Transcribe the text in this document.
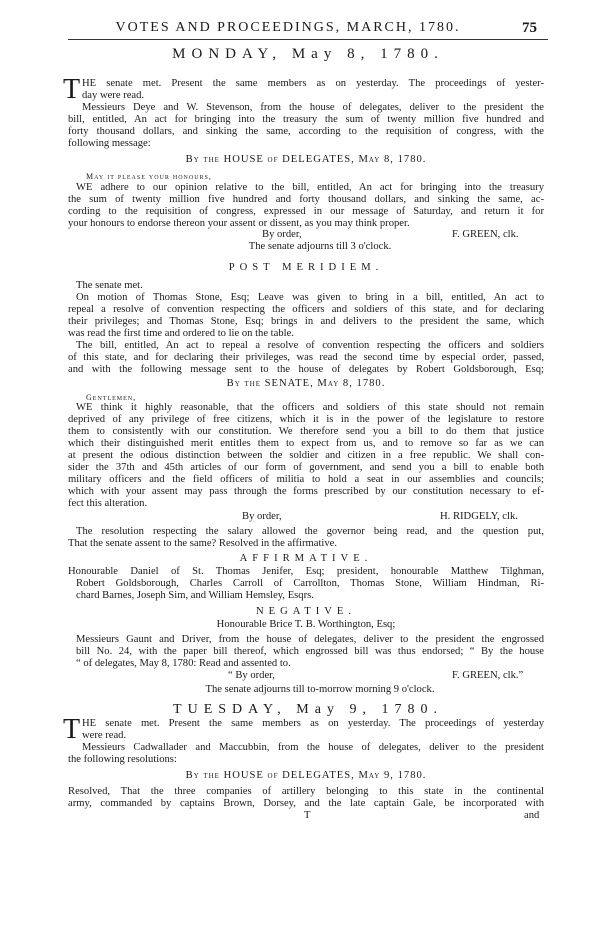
VOTES AND PROCEEDINGS, MARCH, 1780.	75
MONDAY, May 8, 1780.
T HE senate met. Present the same members as on yesterday. The proceedings of yester-
day were read.
Messieurs Deye and W. Stevenson, from the house of delegates, deliver to the president the
bill, entitled, An act for bringing into the treasury the sum of twenty million five hundred and
forty thousand dollars, and sinking the same, according to the requisition of congress, with the
following message:
By the HOUSE of DELEGATES, May 8, 1780.
May it please your honours,
WE adhere to our opinion relative to the bill, entitled, An act for bringing into the treasury
the sum of twenty million five hundred and forty thousand dollars, and sinking the same, ac-
cording to the requisition of congress, expressed in our message of Saturday, and return it for
your honours to endorse thereon your assent or dissent, as you may think proper.
By order,	F. GREEN, clk.
The senate adjourns till 3 o'clock.
POST MERIDIEM.
The senate met.
On motion of Thomas Stone, Esq; Leave was given to bring in a bill, entitled, An act to
repeal a resolve of convention respecting the officers and soldiers of this state, and for declaring
their privileges; and Thomas Stone, Esq; brings in and delivers to the president the same, which
was read the first time and ordered to lie on the table.
The bill, entitled, An act to repeal a resolve of convention respecting the officers and soldiers
of this state, and for declaring their privileges, was read the second time by especial order, passed,
and with the following message sent to the house of delegates by Robert Goldsborough, Esq;
By the SENATE, May 8, 1780.
Gentlemen,
WE think it highly reasonable, that the officers and soldiers of this state should not remain
deprived of any privilege of free citizens, which it is in the power of the legislature to restore
them to consistently with our constitution. We therefore send you a bill to do them that justice
which their distinguished merit entitles them to expect from us, and to remove so far as we can
at present the odious distinction between the soldier and citizen in a free republic. We shall con-
sider the 37th and 45th articles of our form of government, and send you a bill to enable both
military officers and the field officers of militia to hold a seat in our assemblies and councils;
which with your assent may pass through the forms prescribed by our constitution necessary to ef-
fect this alteration.
By order,	H. RIDGELY, clk.
The resolution respecting the salary allowed the governor being read, and the question put,
That the senate assent to the same? Resolved in the affirmative.
AFFIRMATIVE.
Honourable Daniel of St. Thomas Jenifer, Esq; president, honourable Matthew Tilghman,
Robert Goldsborough, Charles Carroll of Carrollton, Thomas Stone, William Hindman, Ri-
chard Barnes, Joseph Sim, and William Hemsley, Esqrs.
NEGATIVE.
Honourable Brice T. B. Worthington, Esq;
Messieurs Gaunt and Driver, from the house of delegates, deliver to the president the engrossed
bill No. 24, with the paper bill thereof, which engrossed bill was thus endorsed; “ By the house
“ of delegates, May 8, 1780: Read and assented to.
“ By order,	F. GREEN, clk.”
The senate adjourns till to-morrow morning 9 o'clock.
TUESDAY, May 9, 1780.
T HE senate met. Present the same members as on yesterday. The proceedings of yesterday
were read.
Messieurs Cadwallader and Maccubbin, from the house of delegates, deliver to the president
the following resolutions:
By the HOUSE of DELEGATES, May 9, 1780.
Resolved, That the three companies of artillery belonging to this state in the continental
army, commanded by captains Brown, Dorsey, and the late captain Gale, be incorporated with
T	and
